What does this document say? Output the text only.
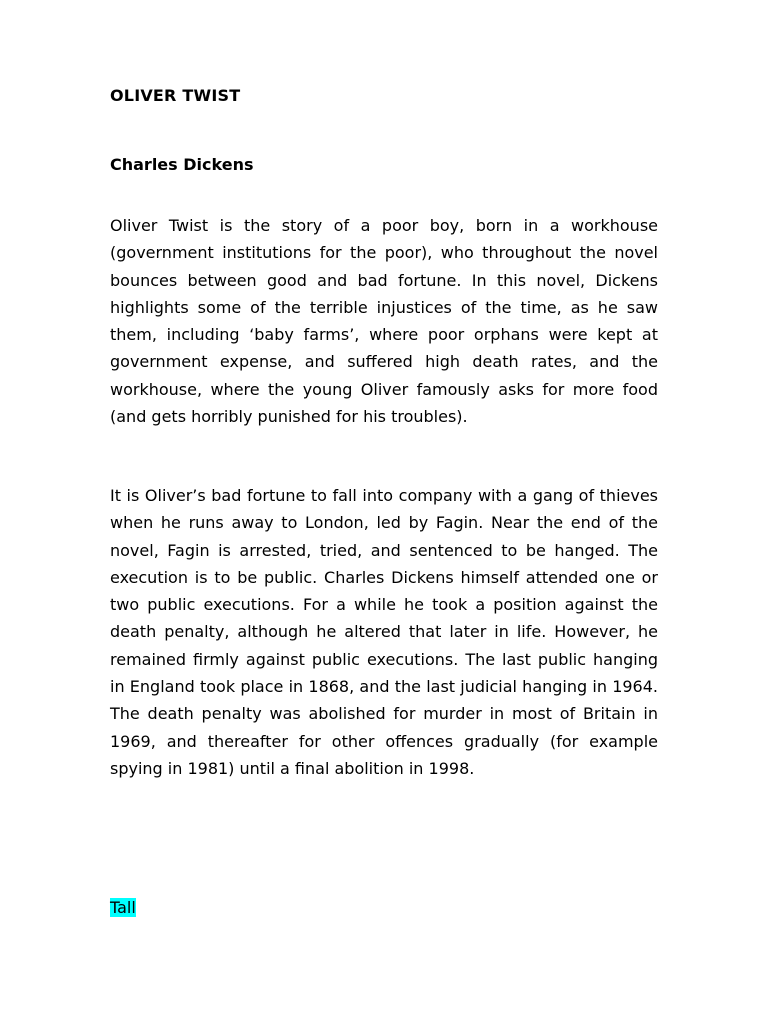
OLIVER TWIST

Charles Dickens

Oliver Twist is the story of a poor boy, born in a workhouse (government institutions for the poor), who throughout the novel bounces between good and bad fortune. In this novel, Dickens highlights some of the terrible injustices of the time, as he saw them, including ‘baby farms’, where poor orphans were kept at government expense, and suffered high death rates, and the workhouse, where the young Oliver famously asks for more food (and gets horribly punished for his troubles).

It is Oliver’s bad fortune to fall into company with a gang of thieves when he runs away to London, led by Fagin. Near the end of the novel, Fagin is arrested, tried, and sentenced to be hanged. The execution is to be public. Charles Dickens himself attended one or two public executions. For a while he took a position against the death penalty, although he altered that later in life. However, he remained firmly against public executions. The last public hanging in England took place in 1868, and the last judicial hanging in 1964. The death penalty was abolished for murder in most of Britain in 1969, and thereafter for other offences gradually (for example spying in 1981) until a final abolition in 1998.

Tall
